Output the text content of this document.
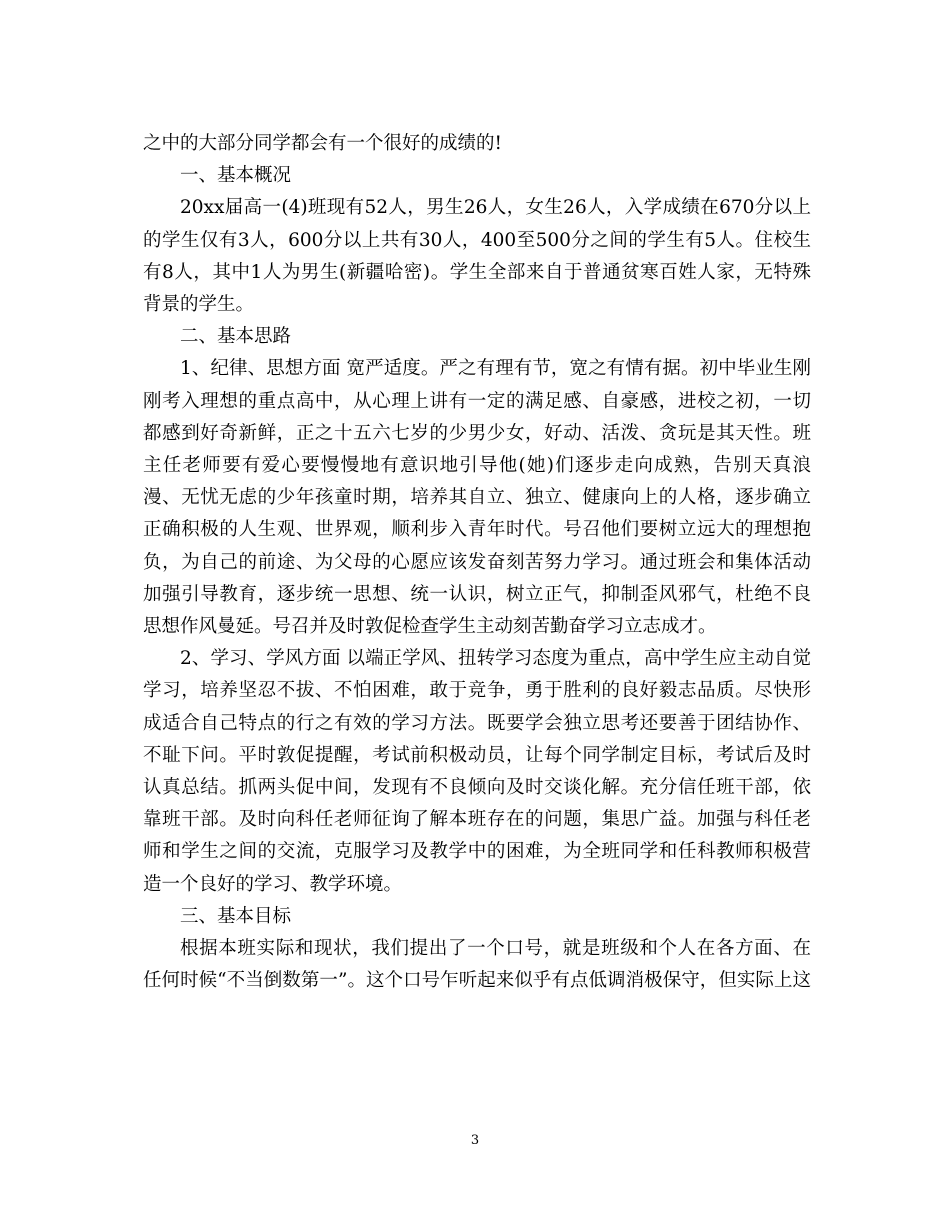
之中的大部分同学都会有一个很好的成绩的!
一、基本概况
20xx届高一(4)班现有52人，男生26人，女生26人，入学成绩在670分以上
的学生仅有3人，600分以上共有30人，400至500分之间的学生有5人。住校生
有8人，其中1人为男生(新疆哈密)。学生全部来自于普通贫寒百姓人家，无特殊
背景的学生。
二、基本思路
1、纪律、思想方面 宽严适度。严之有理有节，宽之有情有据。初中毕业生刚
刚考入理想的重点高中，从心理上讲有一定的满足感、自豪感，进校之初，一切
都感到好奇新鲜，正之十五六七岁的少男少女，好动、活泼、贪玩是其天性。班
主任老师要有爱心要慢慢地有意识地引导他(她)们逐步走向成熟，告别天真浪
漫、无忧无虑的少年孩童时期，培养其自立、独立、健康向上的人格，逐步确立
正确积极的人生观、世界观，顺利步入青年时代。号召他们要树立远大的理想抱
负，为自己的前途、为父母的心愿应该发奋刻苦努力学习。通过班会和集体活动
加强引导教育，逐步统一思想、统一认识，树立正气，抑制歪风邪气，杜绝不良
思想作风曼延。号召并及时敦促检查学生主动刻苦勤奋学习立志成才。
2、学习、学风方面 以端正学风、扭转学习态度为重点，高中学生应主动自觉
学习，培养坚忍不拔、不怕困难，敢于竞争，勇于胜利的良好毅志品质。尽快形
成适合自己特点的行之有效的学习方法。既要学会独立思考还要善于团结协作、
不耻下问。平时敦促提醒，考试前积极动员，让每个同学制定目标，考试后及时
认真总结。抓两头促中间，发现有不良倾向及时交谈化解。充分信任班干部，依
靠班干部。及时向科任老师征询了解本班存在的问题，集思广益。加强与科任老
师和学生之间的交流，克服学习及教学中的困难，为全班同学和任科教师积极营
造一个良好的学习、教学环境。
三、基本目标
根据本班实际和现状，我们提出了一个口号，就是班级和个人在各方面、在
任何时候“不当倒数第一”。这个口号乍听起来似乎有点低调消极保守，但实际上这
3
